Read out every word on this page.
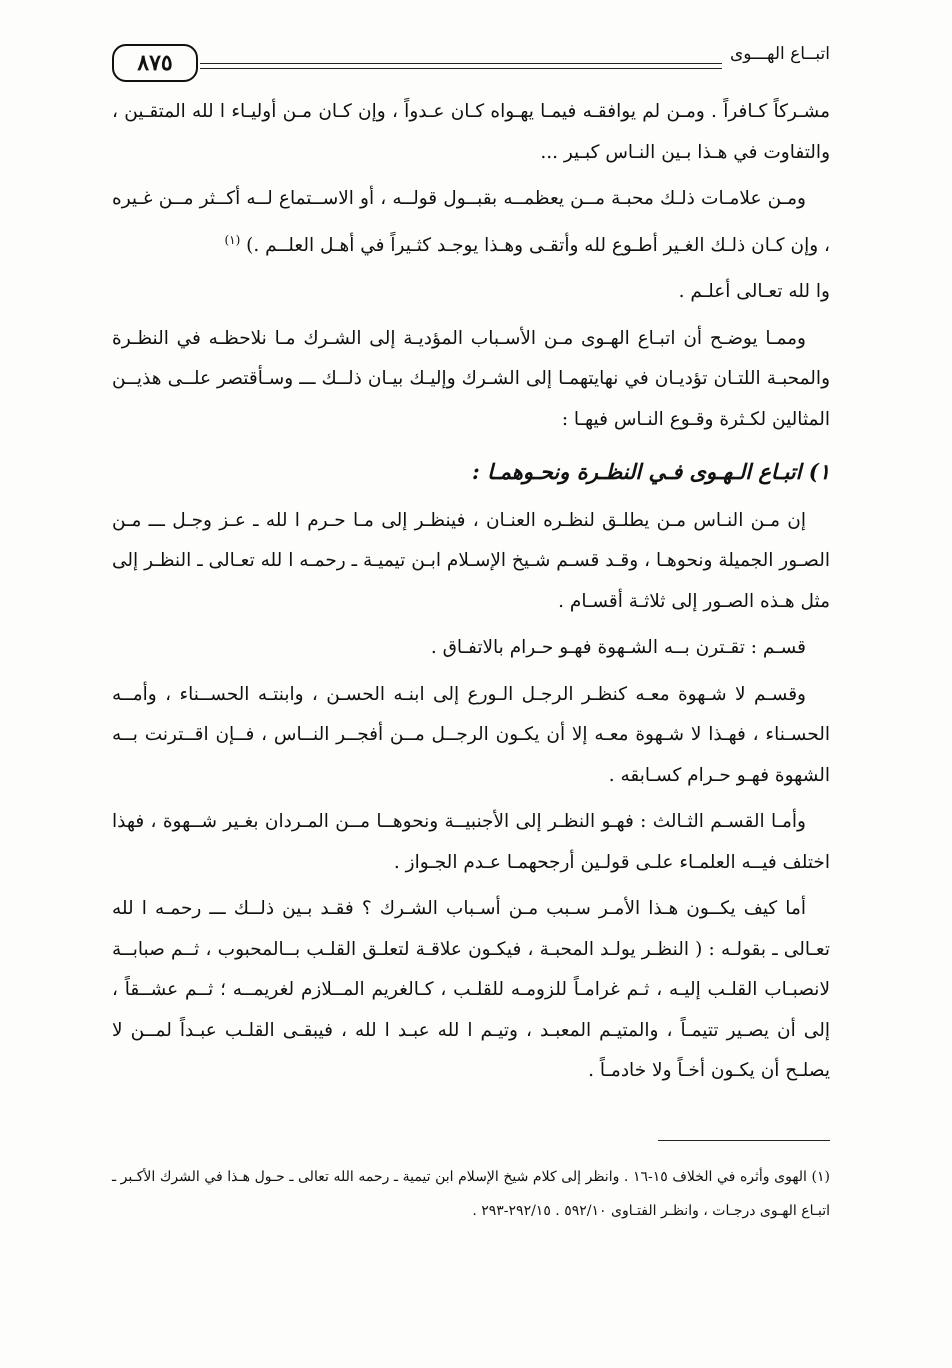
اتبــاع الهـــوى
٨٧٥

مشـركاً كـافراً . ومـن لم يوافقـه فيمـا يهـواه كـان عـدواً ، وإن كـان مـن أوليـاء ا لله المتقـين ، والتفاوت في هـذا بـين النـاس كبـير ...

ومـن علامـات ذلـك محبـة مــن يعظمــه بقبــول قولــه ، أو الاســتماع لــه أكــثر مــن غـيره ، وإن كـان ذلـك الغـير أطـوع لله وأتقـى وهـذا يوجـد كثـيراً في أهـل العلــم .) $^{(١)}$

وا لله تعـالى أعلـم .

وممـا يوضـح أن اتبـاع الهـوى مـن الأسـباب المؤديـة إلى الشـرك مـا نلاحظـه في النظـرة والمحبـة اللتـان تؤديـان في نهايتهمـا إلى الشـرك وإليـك بيـان ذلــك ـــ وسـأقتصر علــى هذيــن المثالين لكـثرة وقـوع النـاس فيهـا :

١) اتبـاع الـهـوى فـي النظـرة ونحـوهمـا :

إن مـن النـاس مـن يطلـق لنظـره العنـان ، فينظـر إلى مـا حـرم ا لله ـ عـز وجـل ـــ مـن الصـور الجميلة ونحوهـا ، وقـد قسـم شـيخ الإسـلام ابـن تيميـة ـ رحمـه ا لله تعـالى ـ النظـر إلى مثل هـذه الصـور إلى ثلاثـة أقسـام .

قسـم : تقـترن بــه الشـهوة فهـو حـرام بالاتفـاق .

وقسـم لا شـهوة معـه كنظـر الرجـل الـورع إلى ابنـه الحسـن ، وابنتـه الحســناء ، وأمــه الحسـناء ، فهـذا لا شـهوة معـه إلا أن يكـون الرجــل مــن أفجــر النــاس ، فــإن اقــترنت بــه الشهوة فهـو حـرام كسـابقه .

وأمـا القسـم الثـالث : فهـو النظـر إلى الأجنبيــة ونحوهــا مــن المـردان بغـير شــهوة ، فهذا اختلف فيــه العلمـاء علـى قولـين أرجحهمـا عـدم الجـواز .

أما كيف يكــون هـذا الأمـر سـبب مـن أسـباب الشـرك ؟ فقـد بـين ذلــك ـــ رحمـه ا لله تعـالى ـ بقولـه : ( النظـر يولـد المحبـة ، فيكـون علاقـة لتعلـق القلـب بــالمحبوب ، ثــم صبابــة لانصبـاب القلـب إليـه ، ثـم غرامـاً للزومـه للقلـب ، كـالغريم المــلازم لغريمــه ؛ ثــم عشــقاً ، إلى أن يصـير تتيمـاً ، والمتيـم المعبـد ، وتيـم ا لله عبـد ا لله ، فيبقـى القلـب عبـداً لمــن لا يصلـح أن يكـون أخـاً ولا خادمـاً .

(١) الهوى وأثره في الخلاف ١٥-١٦ . وانظر إلى كلام شيخ الإسلام ابن تيمية ـ رحمه الله تعالى ـ حـول هـذا في الشرك الأكـبر ـ اتبـاع الهـوى درجـات ، وانظـر الفتـاوى ٥٩٢/١٠ . ٢٩٢/١٥-٢٩٣ .
